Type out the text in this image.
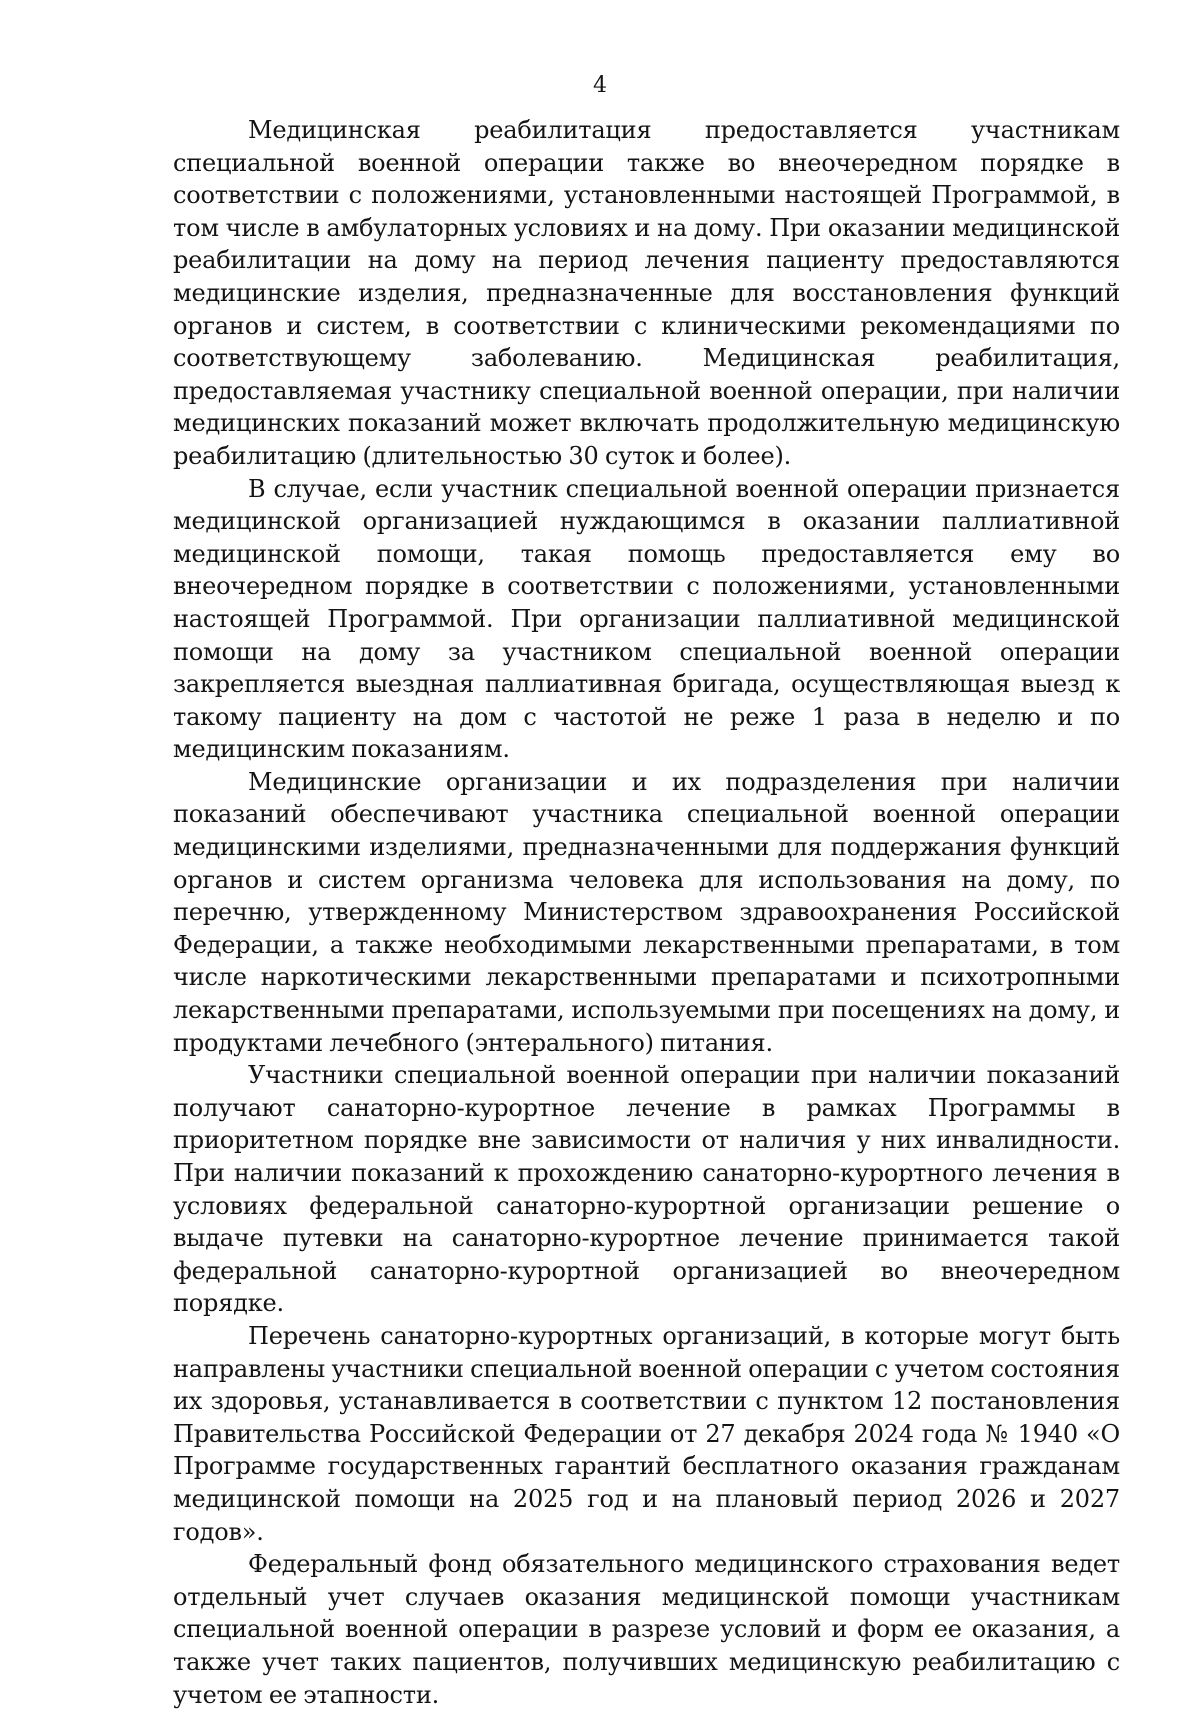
4

Медицинская реабилитация предоставляется участникам специальной военной операции также во внеочередном порядке в соответствии с положениями, установленными настоящей Программой, в том числе в амбулаторных условиях и на дому. При оказании медицинской реабилитации на дому на период лечения пациенту предоставляются медицинские изделия, предназначенные для восстановления функций органов и систем, в соответствии с клиническими рекомендациями по соответствующему заболеванию. Медицинская реабилитация, предоставляемая участнику специальной военной операции, при наличии медицинских показаний может включать продолжительную медицинскую реабилитацию (длительностью 30 суток и более).

В случае, если участник специальной военной операции признается медицинской организацией нуждающимся в оказании паллиативной медицинской помощи, такая помощь предоставляется ему во внеочередном порядке в соответствии с положениями, установленными настоящей Программой. При организации паллиативной медицинской помощи на дому за участником специальной военной операции закрепляется выездная паллиативная бригада, осуществляющая выезд к такому пациенту на дом с частотой не реже 1 раза в неделю и по медицинским показаниям.

Медицинские организации и их подразделения при наличии показаний обеспечивают участника специальной военной операции медицинскими изделиями, предназначенными для поддержания функций органов и систем организма человека для использования на дому, по перечню, утвержденному Министерством здравоохранения Российской Федерации, а также необходимыми лекарственными препаратами, в том числе наркотическими лекарственными препаратами и психотропными лекарственными препаратами, используемыми при посещениях на дому, и продуктами лечебного (энтерального) питания.

Участники специальной военной операции при наличии показаний получают санаторно-курортное лечение в рамках Программы в приоритетном порядке вне зависимости от наличия у них инвалидности. При наличии показаний к прохождению санаторно-курортного лечения в условиях федеральной санаторно-курортной организации решение о выдаче путевки на санаторно-курортное лечение принимается такой федеральной санаторно-курортной организацией во внеочередном порядке.

Перечень санаторно-курортных организаций, в которые могут быть направлены участники специальной военной операции с учетом состояния их здоровья, устанавливается в соответствии с пунктом 12 постановления Правительства Российской Федерации от 27 декабря 2024 года № 1940 «О Программе государственных гарантий бесплатного оказания гражданам медицинской помощи на 2025 год и на плановый период 2026 и 2027 годов».

Федеральный фонд обязательного медицинского страхования ведет отдельный учет случаев оказания медицинской помощи участникам специальной военной операции в разрезе условий и форм ее оказания, а также учет таких пациентов, получивших медицинскую реабилитацию с учетом ее этапности.
